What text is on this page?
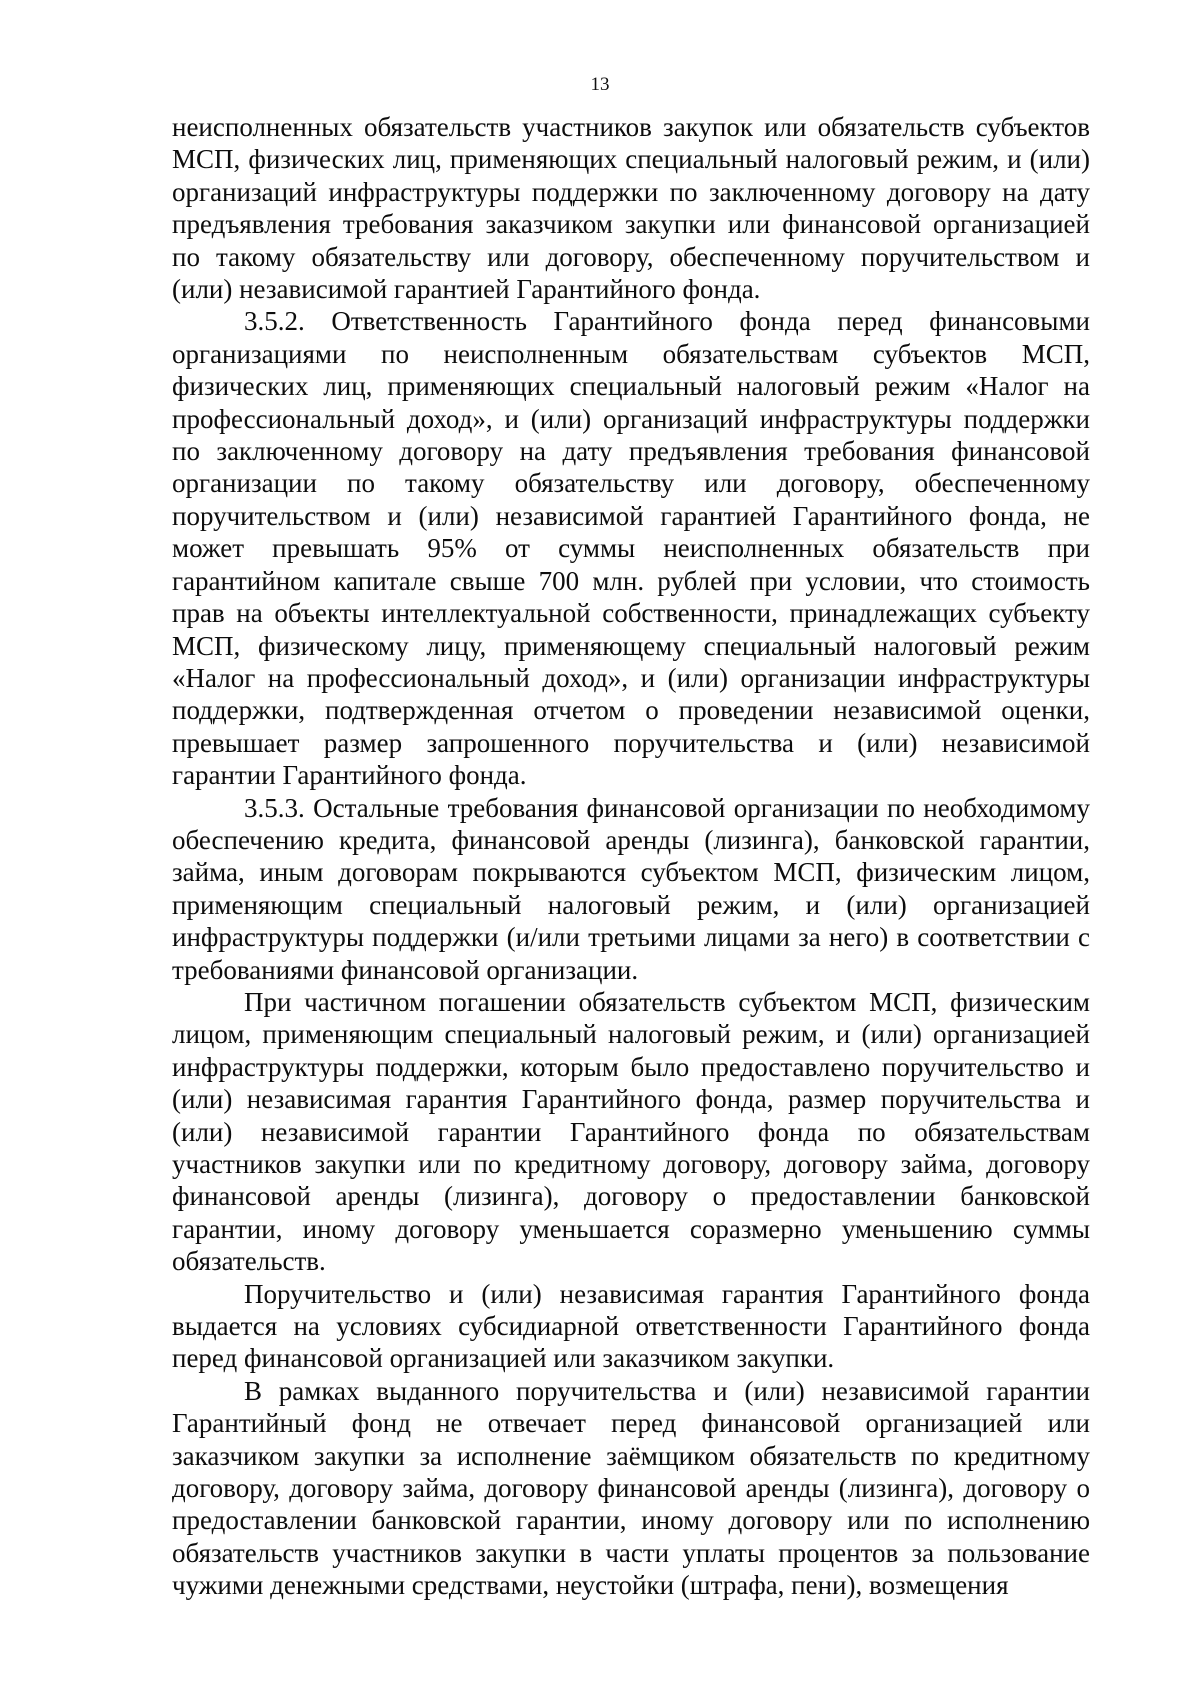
13

неисполненных обязательств участников закупок или обязательств субъектов МСП, физических лиц, применяющих специальный налоговый режим, и (или) организаций инфраструктуры поддержки по заключенному договору на дату предъявления требования заказчиком закупки или финансовой организацией по такому обязательству или договору, обеспеченному поручительством и (или) независимой гарантией Гарантийного фонда.

3.5.2. Ответственность Гарантийного фонда перед финансовыми организациями по неисполненным обязательствам субъектов МСП, физических лиц, применяющих специальный налоговый режим «Налог на профессиональный доход», и (или) организаций инфраструктуры поддержки по заключенному договору на дату предъявления требования финансовой организации по такому обязательству или договору, обеспеченному поручительством и (или) независимой гарантией Гарантийного фонда, не может превышать 95% от суммы неисполненных обязательств при гарантийном капитале свыше 700 млн. рублей при условии, что стоимость прав на объекты интеллектуальной собственности, принадлежащих субъекту МСП, физическому лицу, применяющему специальный налоговый режим «Налог на профессиональный доход», и (или) организации инфраструктуры поддержки, подтвержденная отчетом о проведении независимой оценки, превышает размер запрошенного поручительства и (или) независимой гарантии Гарантийного фонда.

3.5.3. Остальные требования финансовой организации по необходимому обеспечению кредита, финансовой аренды (лизинга), банковской гарантии, займа, иным договорам покрываются субъектом МСП, физическим лицом, применяющим специальный налоговый режим, и (или) организацией инфраструктуры поддержки (и/или третьими лицами за него) в соответствии с требованиями финансовой организации.

При частичном погашении обязательств субъектом МСП, физическим лицом, применяющим специальный налоговый режим, и (или) организацией инфраструктуры поддержки, которым было предоставлено поручительство и (или) независимая гарантия Гарантийного фонда, размер поручительства и (или) независимой гарантии Гарантийного фонда по обязательствам участников закупки или по кредитному договору, договору займа, договору финансовой аренды (лизинга), договору о предоставлении банковской гарантии, иному договору уменьшается соразмерно уменьшению суммы обязательств.

Поручительство и (или) независимая гарантия Гарантийного фонда выдается на условиях субсидиарной ответственности Гарантийного фонда перед финансовой организацией или заказчиком закупки.

В рамках выданного поручительства и (или) независимой гарантии Гарантийный фонд не отвечает перед финансовой организацией или заказчиком закупки за исполнение заёмщиком обязательств по кредитному договору, договору займа, договору финансовой аренды (лизинга), договору о предоставлении банковской гарантии, иному договору или по исполнению обязательств участников закупки в части уплаты процентов за пользование чужими денежными средствами, неустойки (штрафа, пени), возмещения
